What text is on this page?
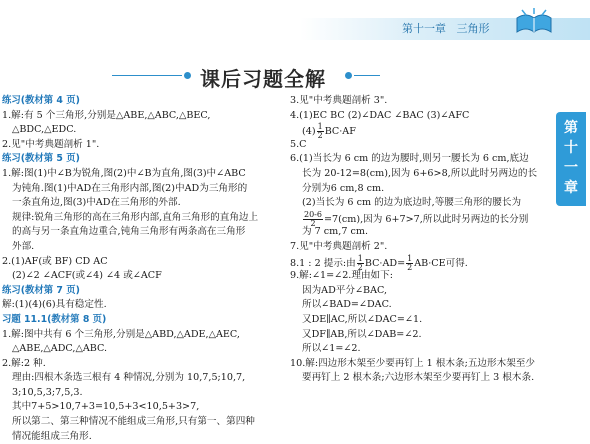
第十一章 三角形
课后习题全解
练习(教材第 4 页)
1.解:有 5 个三角形,分别是△ABE,△ABC,△BEC,
△BDC,△EDC.
2.见"中考典题剖析 1".
练习(教材第 5 页)
1.解:图(1)中∠B为锐角,图(2)中∠B为直角,图(3)中∠ABC
为钝角.图(1)中AD在三角形内部,图(2)中AD为三角形的
一条直角边,图(3)中AD在三角形的外部.
规律:锐角三角形的高在三角形内部,直角三角形的直角边上
的高与另一条直角边重合,钝角三角形有两条高在三角形
外部.
2.(1)AF(或 BF) CD AC
(2)∠2 ∠ACF(或∠4) ∠4 或∠ACF
练习(教材第 7 页)
解:(1)(4)(6)具有稳定性.
习题 11.1(教材第 8 页)
1.解:图中共有 6 个三角形,分别是△ABD,△ADE,△AEC,
△ABE,△ADC,△ABC.
2.解:2 种.
理由:四根木条选三根有 4 种情况,分别为 10,7,5;10,7,
3;10,5,3;7,5,3.
其中7+5>10,7+3=10,5+3<10,5+3>7,
所以第二、第三种情况不能组成三角形,只有第一、第四种
情况能组成三角形.
3.见"中考典题剖析 3".
4.(1)EC BC (2)∠DAC ∠BAC (3)∠AFC
$(4) \frac{1}{2} BC\cdot AF$
5.C
6.(1)当长为 6 cm 的边为腰时,则另一腰长为 6 cm,底边
长为 20-12=8(cm),因为 6+6>8,所以此时另两边的长
分别为6 cm,8 cm.
(2)当长为 6 cm 的边为底边时,等腰三角形的腰长为
$\frac{20-6}{2} =7(cm)$,因为 6+7>7,所以此时另两边的长分别
为 7 cm,7 cm.
7.见"中考典题剖析 2".
8.1 : 2 提示:由 $\frac{1}{2} BC\cdot AD= \frac{1}{2} AB\cdot CE$可得.
9.解:∠1=∠2.理由如下:
因为AD平分∠BAC,
所以∠BAD=∠DAC.
又DE∥AC,所以∠DAC=∠1.
又DF∥AB,所以∠DAB=∠2.
所以∠1=∠2.
10.解:四边形木架至少要再钉上 1 根木条;五边形木架至少
要再钉上 2 根木条;六边形木架至少要再钉上 3 根木条.
第
十
一
章
